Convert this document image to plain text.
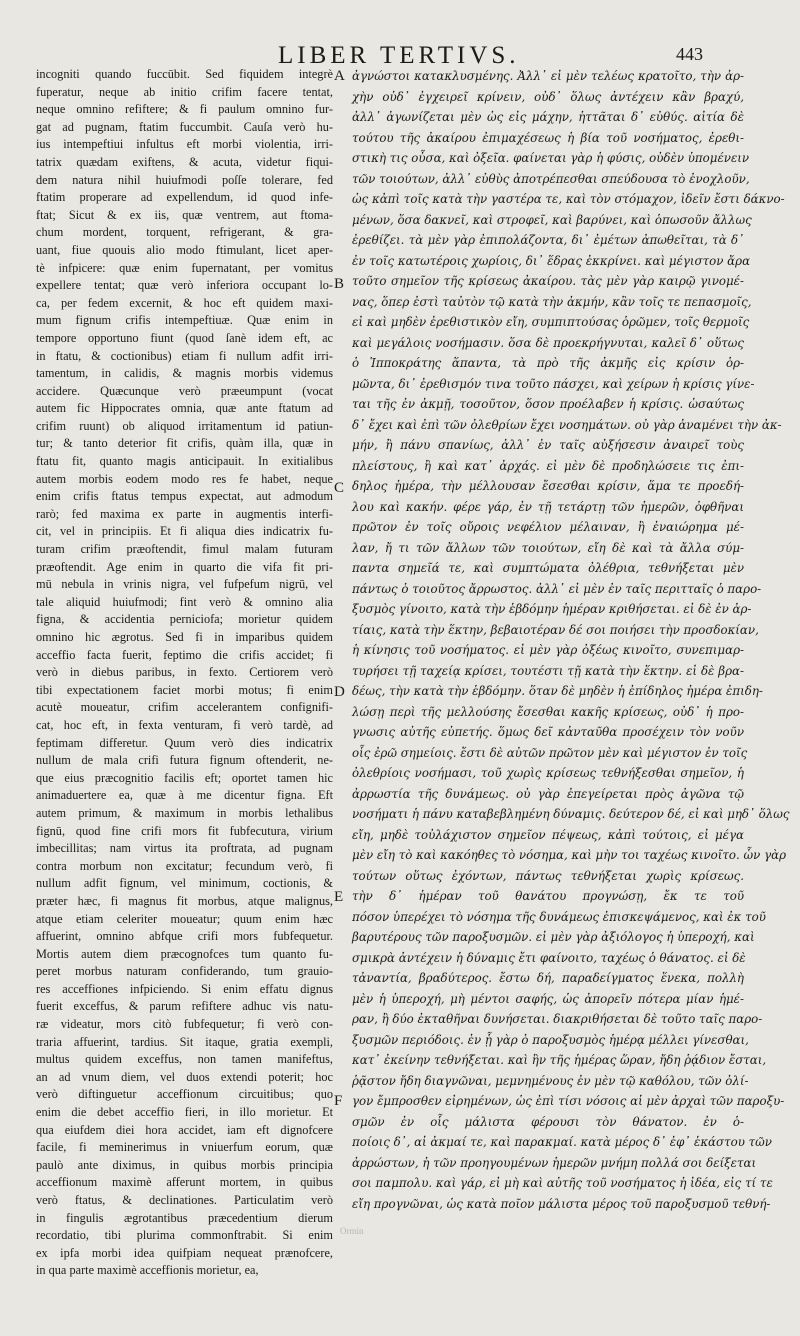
LIBER TERTIVS.	443
incogniti quando fuccūbit. Sed fiquidem integrè
fuperatur, neque ab initio crifim facere tentat,
neque omnino refiftere; & fi paulum omnino fur-
gat ad pugnam, ftatim fuccumbit. Cauſa verò hu-
ius intempeftiui infultus eft morbi violentia, irri-
tatrix quædam exiftens, & acuta, videtur fiqui-
dem natura nihil huiufmodi poſſe tolerare, fed
ftatim properare ad expellendum, id quod infe-
ftat; Sicut & ex iis, quæ ventrem, aut ftoma-
chum mordent, torquent, refrigerant, & gra-
uant, fiue quouis alio modo ftimulant, licet aper-
tè infpicere: quæ enim fupernatant, per vomitus
expellere tentat; quæ verò inferiora occupant lo-
ca, per fedem excernit, & hoc eft quidem maxi-
mum fignum crifis intempeftiuæ. Quæ enim in
tempore opportuno fiunt (quod ſanè idem eft, ac
in ftatu, & coctionibus) etiam fi nullum adfit irri-
tamentum, in calidis, & magnis morbis videmus
accidere. Quæcunque verò præeumpunt (vocat
autem fic Hippocrates omnia, quæ ante ftatum ad
crifim ruunt) ob aliquod irritamentum id patiun-
tur; & tanto deterior fit crifis, quàm illa, quæ in
ftatu fit, quanto magis anticipauit. In exitialibus
autem morbis eodem modo res fe habet, neque
enim crifis ftatus tempus expectat, aut admodum
rarò; fed maxima ex parte in augmentis interfi-
cit, vel in principiis. Et fi aliqua dies indicatrix fu-
turam crifim præoftendit, fimul malam futuram
præoftendit. Age enim in quarto die vifa fit pri-
mū nebula in vrinis nigra, vel fufpefum nigrū, vel
tale aliquid huiufmodi; fint verò & omnino alia
figna, & accidentia perniciofa; morietur quidem
omnino hic ægrotus. Sed fi in imparibus quidem
acceffio facta fuerit, feptimo die crifis accidet; fi
verò in diebus paribus, in fexto. Certiorem verò
tibi expectationem faciet morbi motus; fi enim
acutè moueatur, crifim accelerantem confignifi-
cat, hoc eft, in fexta venturam, fi verò tardè, ad
feptimam differetur. Quum verò dies indicatrix
nullum de mala crifi futura fignum oftenderit, ne-
que eius præcognitio facilis eft; oportet tamen hic
animaduertere ea, quæ à me dicentur figna. Eft
autem primum, & maximum in morbis lethalibus
fignū, quod fine crifi mors fit fubfecutura, virium
imbecillitas; nam virtus ita proftrata, ad pugnam
contra morbum non excitatur; fecundum verò, fi
nullum adfit fignum, vel minimum, coctionis, &
præter hæc, fi magnus fit morbus, atque malignus,
atque etiam celeriter moueatur; quum enim hæc
affuerint, omnino abfque crifi mors fubfequetur.
Mortis autem diem præcognofces tum quanto fu-
peret morbus naturam confiderando, tum grauio-
res acceffiones infpiciendo. Si enim effatu dignus
fuerit exceffus, & parum refiftere adhuc vis natu-
ræ videatur, mors citò fubfequetur; fi verò con-
traria affuerint, tardius. Sit itaque, gratia exempli,
multus quidem exceffus, non tamen manifeftus,
an ad vnum diem, vel duos extendi poterit; hoc
verò diftinguetur acceffionum circuitibus; quo
enim die debet acceffio fieri, in illo morietur. Et
qua eiufdem diei hora accidet, iam eft dignofcere
facile, fi meminerimus in vniuerfum eorum, quæ
paulò ante diximus, in quibus morbis principia
acceffionum maximè afferunt mortem, in quibus
verò ftatus, & declinationes. Particulatim verò
in fingulis ægrotantibus præcedentium dierum
recordatio, tibi plurima commonftrabit. Si enim
ex ipfa morbi idea quifpiam nequeat prænofcere,
in qua parte maximè acceffionis morietur, ea,
A
B
C
D
E
F
ἀγνώστοι κατακλυσμένης. Ἀλλ᾽ εἰ μὲν τελέως κρατοῖτο, τὴν ἀρ-
χὴν οὐδ᾽ ἐγχειρεῖ κρίνειν, οὐδ᾽ ὅλως ἀντέχειν κἂν βραχύ,
ἀλλ᾽ ἀγωνίζεται μὲν ὡς εἰς μάχην, ἡττᾶται δ᾽ εὐθύς. αἰτία δὲ
τούτου τῆς ἀκαίρου ἐπιμαχέσεως ἡ βία τοῦ νοσήματος, ἐρεθι-
στικὴ τις οὖσα, καὶ ὀξεῖα. φαίνεται γὰρ ἡ φύσις, οὐδὲν ὑπομένειν
τῶν τοιούτων, ἀλλ᾽ εὐθὺς ἀποτρέπεσθαι σπεύδουσα τὸ ἐνοχλοῦν,
ὡς κἀπὶ τοῖς κατὰ τὴν γαστέρα τε, καὶ τὸν στόμαχον, ἰδεῖν ἔστι δάκνο-
μένων, ὅσα δακνεῖ, καὶ στροφεῖ, καὶ βαρύνει, καὶ ὁπωσοῦν ἄλλως
ἐρεθίζει. τὰ μὲν γὰρ ἐπιπολάζοντα, δι᾽ ἐμέτων ἀπωθεῖται, τὰ δ᾽
ἐν τοῖς κατωτέροις χωρίοις, δι᾽ ἕδρας ἐκκρίνει. καὶ μέγιστον ἄρα
τοῦτο σημεῖον τῆς κρίσεως ἀκαίρου. τὰς μὲν γὰρ καιρῷ γινομέ-
νας, ὅπερ ἐστὶ ταὐτὸν τῷ κατὰ τὴν ἀκμήν, κἂν τοῖς τε πεπασμοῖς,
εἰ καὶ μηδὲν ἐρεθιστικὸν εἴη, συμπιπτούσας ὁρῶμεν, τοῖς θερμοῖς
καὶ μεγάλοις νοσήμασιν. ὅσα δὲ προεκρήγνυται, καλεῖ δ᾽ οὕτως
ὁ Ἱπποκράτης ἅπαντα, τὰ πρὸ τῆς ἀκμῆς εἰς κρίσιν ὁρ-
μῶντα, δι᾽ ἐρεθισμόν τινα τοῦτο πάσχει, καὶ χείρων ἡ κρίσις γίνε-
ται τῆς ἐν ἀκμῇ, τοσοῦτον, ὅσον προέλαβεν ἡ κρίσις. ὡσαύτως
δ᾽ ἔχει καὶ ἐπὶ τῶν ὀλεθρίων ἔχει νοσημάτων. οὐ γὰρ ἀναμένει τὴν ἀκ-
μήν, ἢ πάνυ σπανίως, ἀλλ᾽ ἐν ταῖς αὐξήσεσιν ἀναιρεῖ τοὺς
πλείστους, ἢ καὶ κατ᾽ ἀρχάς. εἰ μὲν δὲ προδηλώσειε τις ἐπι-
δηλος ἡμέρα, τὴν μέλλουσαν ἔσεσθαι κρίσιν, ἅμα τε προεδή-
λου καὶ κακήν. φέρε γάρ, ἐν τῇ τετάρτῃ τῶν ἡμερῶν, ὀφθῆναι
πρῶτον ἐν τοῖς οὔροις νεφέλιον μέλαιναν, ἢ ἐναιώρημα μέ-
λαν, ἤ τι τῶν ἄλλων τῶν τοιούτων, εἴη δὲ καὶ τὰ ἄλλα σύμ-
παντα σημεῖά τε, καὶ συμπτώματα ὀλέθρια, τεθνήξεται μὲν
πάντως ὁ τοιοῦτος ἄρρωστος. ἀλλ᾽ εἰ μὲν ἐν ταῖς περιτταῖς ὁ παρο-
ξυσμὸς γίνοιτο, κατὰ τὴν ἑβδόμην ἡμέραν κριθήσεται. εἰ δὲ ἐν ἀρ-
τίαις, κατὰ τὴν ἕκτην, βεβαιοτέραν δέ σοι ποιήσει τὴν προσδοκίαν,
ἡ κίνησις τοῦ νοσήματος. εἰ μὲν γὰρ ὀξέως κινοῖτο, συνεπιμαρ-
τυρήσει τῇ ταχείᾳ κρίσει, τουτέστι τῇ κατὰ τὴν ἕκτην. εἰ δὲ βρα-
δέως, τὴν κατὰ τὴν ἑβδόμην. ὅταν δὲ μηδὲν ἡ ἐπίδηλος ἡμέρα ἐπιδη-
λώσῃ περὶ τῆς μελλούσης ἔσεσθαι κακῆς κρίσεως, οὐδ᾽ ἡ προ-
γνωσις αὐτῆς εὐπετής. ὅμως δεῖ κἀνταῦθα προσέχειν τὸν νοῦν
οἷς ἐρῶ σημείοις. ἔστι δὲ αὐτῶν πρῶτον μὲν καὶ μέγιστον ἐν τοῖς
ὀλεθρίοις νοσήμασι, τοῦ χωρὶς κρίσεως τεθνήξεσθαι σημεῖον, ἡ
ἀρρωστία τῆς δυνάμεως. οὐ γὰρ ἐπεγείρεται πρὸς ἀγῶνα τῷ
νοσήματι ἡ πάνυ καταβεβλημένη δύναμις. δεύτερον δέ, εἰ καὶ μηδ᾽ ὅλως
εἴη, μηδὲ τοὐλάχιστον σημεῖον πέψεως, κἀπὶ τούτοις, εἰ μέγα
μὲν εἴη τὸ καὶ κακόηθες τὸ νόσημα, καὶ μὴν τοι ταχέως κινοῖτο. ὧν γὰρ
τούτων οὕτως ἐχόντων, πάντως τεθνήξεται χωρὶς κρίσεως.
τὴν δ᾽ ἡμέραν τοῦ θανάτου προγνώσῃ, ἔκ τε τοῦ
πόσον ὑπερέχει τὸ νόσημα τῆς δυνάμεως ἐπισκεψάμενος, καὶ ἐκ τοῦ
βαρυτέρους τῶν παροξυσμῶν. εἰ μὲν γὰρ ἀξιόλογος ἡ ὑπεροχή, καὶ
σμικρὰ ἀντέχειν ἡ δύναμις ἔτι φαίνοιτο, ταχέως ὁ θάνατος. εἰ δὲ
τἀναντία, βραδύτερος. ἔστω δή, παραδείγματος ἕνεκα, πολλὴ
μὲν ἡ ὑπεροχή, μὴ μέντοι σαφής, ὡς ἀπορεῖν πότερα μίαν ἡμέ-
ραν, ἢ δύο ἐκταθῆναι δυνήσεται. διακριθήσεται δὲ τοῦτο ταῖς παρο-
ξυσμῶν περιόδοις. ἐν ᾗ γὰρ ὁ παροξυσμὸς ἡμέρᾳ μέλλει γίνεσθαι,
κατ᾽ ἐκείνην τεθνήξεται. καὶ ἣν τῆς ἡμέρας ὥραν, ἤδη ῥᾴδιον ἔσται,
ῥᾷστον ἤδη διαγνῶναι, μεμνημένους ἐν μὲν τῷ καθόλου, τῶν ὀλί-
γον ἔμπροσθεν εἰρημένων, ὡς ἐπὶ τίσι νόσοις αἱ μὲν ἀρχαὶ τῶν παροξυ-
σμῶν ἐν οἷς μάλιστα φέρουσι τὸν θάνατον. ἐν ὁ-
ποίοις δ᾽, αἱ ἀκμαί τε, καὶ παρακμαί. κατὰ μέρος δ᾽ ἐφ᾽ ἑκάστου τῶν
ἀρρώστων, ἡ τῶν προηγουμένων ἡμερῶν μνήμη πολλά σοι δείξεται
σοι παμπολυ. καὶ γάρ, εἰ μὴ καὶ αὐτῆς τοῦ νοσήματος ἡ ἰδέα, εἰς τί τε
εἴη προγνῶναι, ὡς κατὰ ποῖον μάλιστα μέρος τοῦ παροξυσμοῦ τεθνή-
Ormin
